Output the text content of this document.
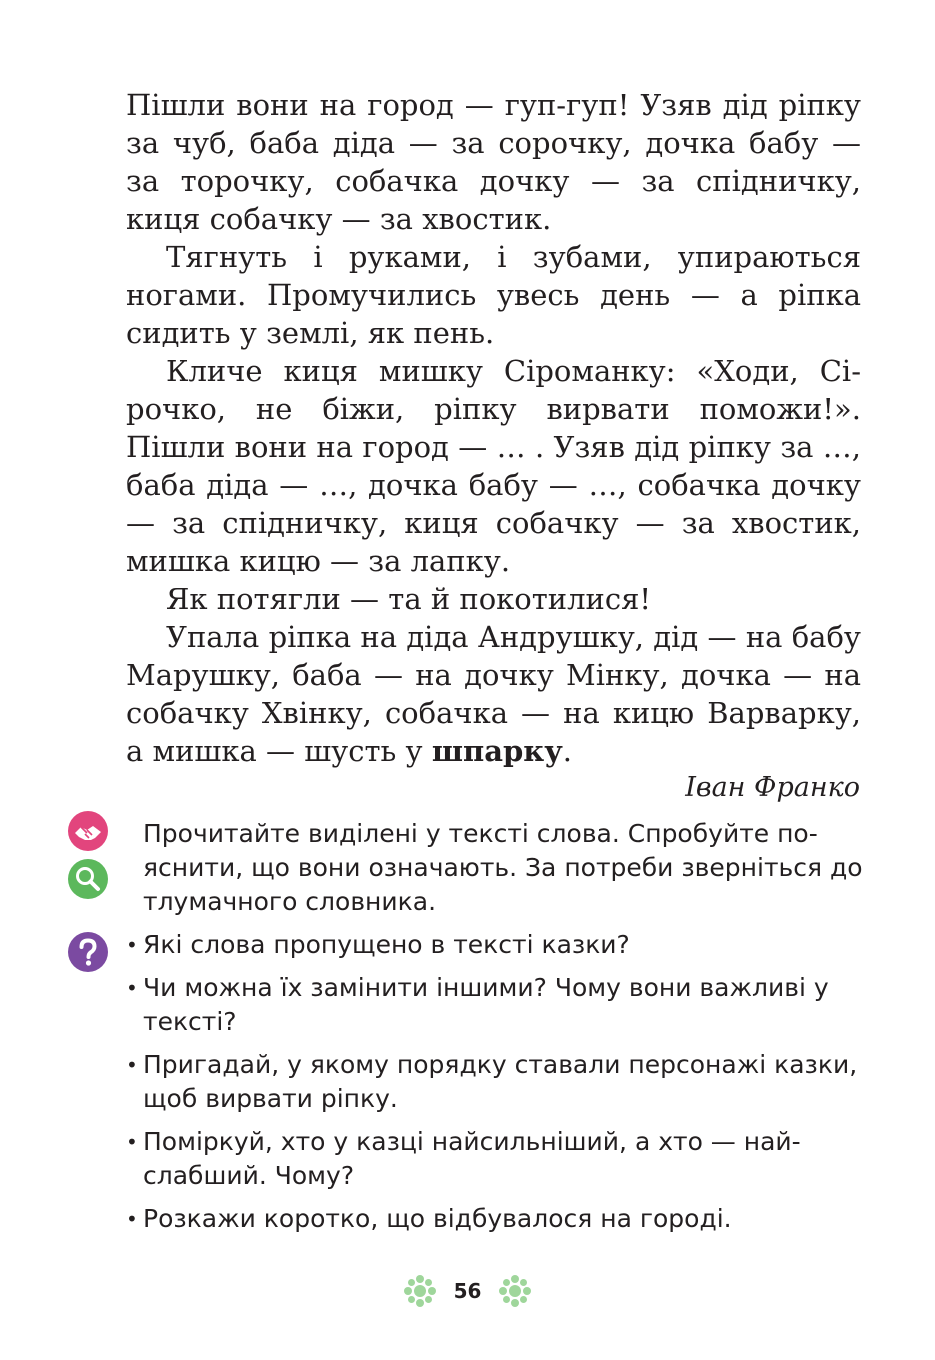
Пішли вони на город — гуп-гуп! Узяв дід ріпку за чуб, баба діда — за сорочку, дочка бабу — за торочку, собачка дочку — за спідничку, киця собачку — за хвостик.

Тягнуть і руками, і зубами, упираються ногами. Промучились увесь день — а ріпка сидить у землі, як пень.

Кличе киця мишку Сіроманку: «Ходи, Сірочко, не біжи, ріпку вирвати поможи!». Пішли вони на город — … . Узяв дід ріпку за …, баба діда — …, дочка бабу — …, собачка дочку — за спідничку, киця собачку — за хвостик, мишка кицю — за лапку.

Як потягли — та й покотилися!

Упала ріпка на діда Андрушку, дід — на бабу Марушку, баба — на дочку Мінку, дочка — на собачку Хвінку, собачка — на кицю Варварку, а мишка — шусть у шпарку.

Іван Франко

Прочитайте виділені у тексті слова. Спробуйте пояснити, що вони означають. За потреби зверніться до тлумачного словника.

• Які слова пропущено в тексті казки?
• Чи можна їх замінити іншими? Чому вони важливі у тексті?
• Пригадай, у якому порядку ставали персонажі казки, щоб вирвати ріпку.
• Поміркуй, хто у казці найсильніший, а хто — найслабший. Чому?
• Розкажи коротко, що відбувалося на городі.
56
